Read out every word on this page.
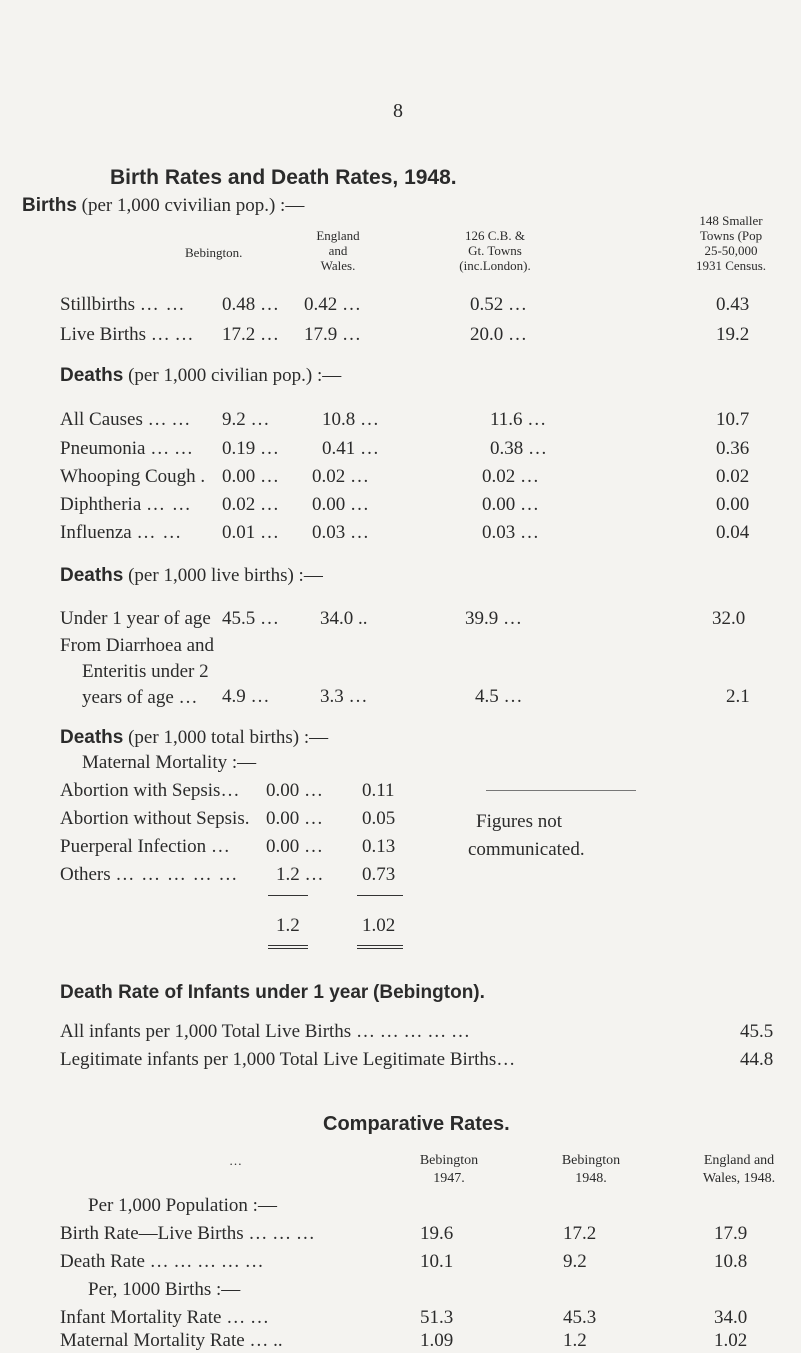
8
Birth Rates and Death Rates, 1948.
Births (per 1,000 cvivilian pop.) :—
Bebington.
England
and
Wales.
126 C.B. &
Gt. Towns
(inc.London).
148 Smaller
Towns (Pop
25-50,000
1931 Census.
Stillbirths … … 0.48 … 0.42 …	0.52 …	0.43
Live Births … … 17.2 … 17.9 …	20.0 …	19.2
Deaths (per 1,000 civilian pop.) :—
All Causes … … 9.2 …	10.8 …	11.6 …	10.7
Pneumonia … … 0.19 … 0.41 …	0.38 …	0.36
Whooping Cough . 0.00 … 0.02 …	0.02 …	0.02
Diphtheria … … 0.02 … 0.00 …	0.00 …	0.00
Influenza … … 0.01 … 0.03 …	0.03 …	0.04
Deaths (per 1,000 live births) :—
Under 1 year of age 45.5 … 34.0 ..	39.9 …	32.0
From Diarrhoea and
Enteritis under 2
years of age …	4.9 …	3.3 …	4.5 …	2.1
Deaths (per 1,000 total births) :—
Maternal Mortality :—
Abortion with Sepsis… 0.00 … 0.11
Abortion without Sepsis. 0.00 … 0.05
Puerperal Infection … 0.00 … 0.13
Others … … … … … 1.2 … 0.73
Figures not
communicated.
1.2	1.02
Death Rate of Infants under 1 year (Bebington).
All infants per 1,000 Total Live Births … … … … …	45.5
Legitimate infants per 1,000 Total Live Legitimate Births…	44.8
Comparative Rates.
…	Bebington
1947.
Bebington
1948.
England and
Wales, 1948.
Per 1,000 Population :—
Birth Rate—Live Births … … …	19.6	17.2	17.9
Death Rate … … … … …	10.1	9.2	10.8
Per, 1000 Births :—
Infant Mortality Rate … …	51.3	45.3	34.0
Maternal Mortality Rate … ..	1.09	1.2	1.02
